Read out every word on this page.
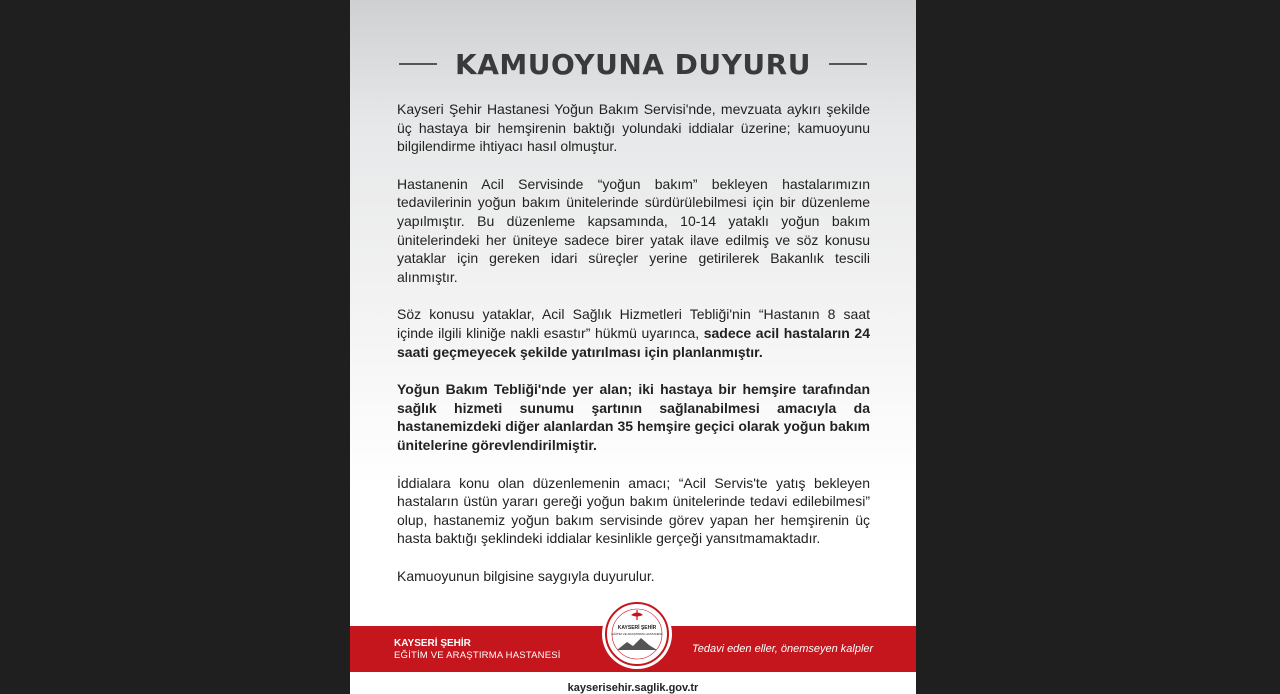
KAMUOYUNA DUYURU

Kayseri Şehir Hastanesi Yoğun Bakım Servisi'nde, mevzuata aykırı şekilde üç hastaya bir hemşirenin baktığı yolundaki iddialar üzerine; kamuoyunu bilgilendirme ihtiyacı hasıl olmuştur.

Hastanenin Acil Servisinde “yoğun bakım” bekleyen hastalarımızın tedavilerinin yoğun bakım ünitelerinde sürdürülebilmesi için bir düzenleme yapılmıştır. Bu düzenleme kapsamında, 10-14 yataklı yoğun bakım ünitelerindeki her üniteye sadece birer yatak ilave edilmiş ve söz konusu yataklar için gereken idari süreçler yerine getirilerek Bakanlık tescili alınmıştır.

Söz konusu yataklar, Acil Sağlık Hizmetleri Tebliği'nin “Hastanın 8 saat içinde ilgili kliniğe nakli esastır” hükmü uyarınca, sadece acil hastaların 24 saati geçmeyecek şekilde yatırılması için planlanmıştır.

Yoğun Bakım Tebliği'nde yer alan; iki hastaya bir hemşire tarafından sağlık hizmeti sunumu şartının sağlanabilmesi amacıyla da hastanemizdeki diğer alanlardan 35 hemşire geçici olarak yoğun bakım ünitelerine görevlendirilmiştir.

İddialara konu olan düzenlemenin amacı; “Acil Servis'te yatış bekleyen hastaların üstün yararı gereği yoğun bakım ünitelerinde tedavi edilebilmesi” olup, hastanemiz yoğun bakım servisinde görev yapan her hemşirenin üç hasta baktığı şeklindeki iddialar kesinlikle gerçeği yansıtmamaktadır.

Kamuoyunun bilgisine saygıyla duyurulur.

KAYSERİ ŞEHİR
EĞİTİM VE ARAŞTIRMA HASTANESİ
KAYSERİ ŞEHİR
EĞİTİM VE ARAŞTIRMA HASTANESİ
Tedavi eden eller, önemseyen kalpler
kayserisehir.saglik.gov.tr
